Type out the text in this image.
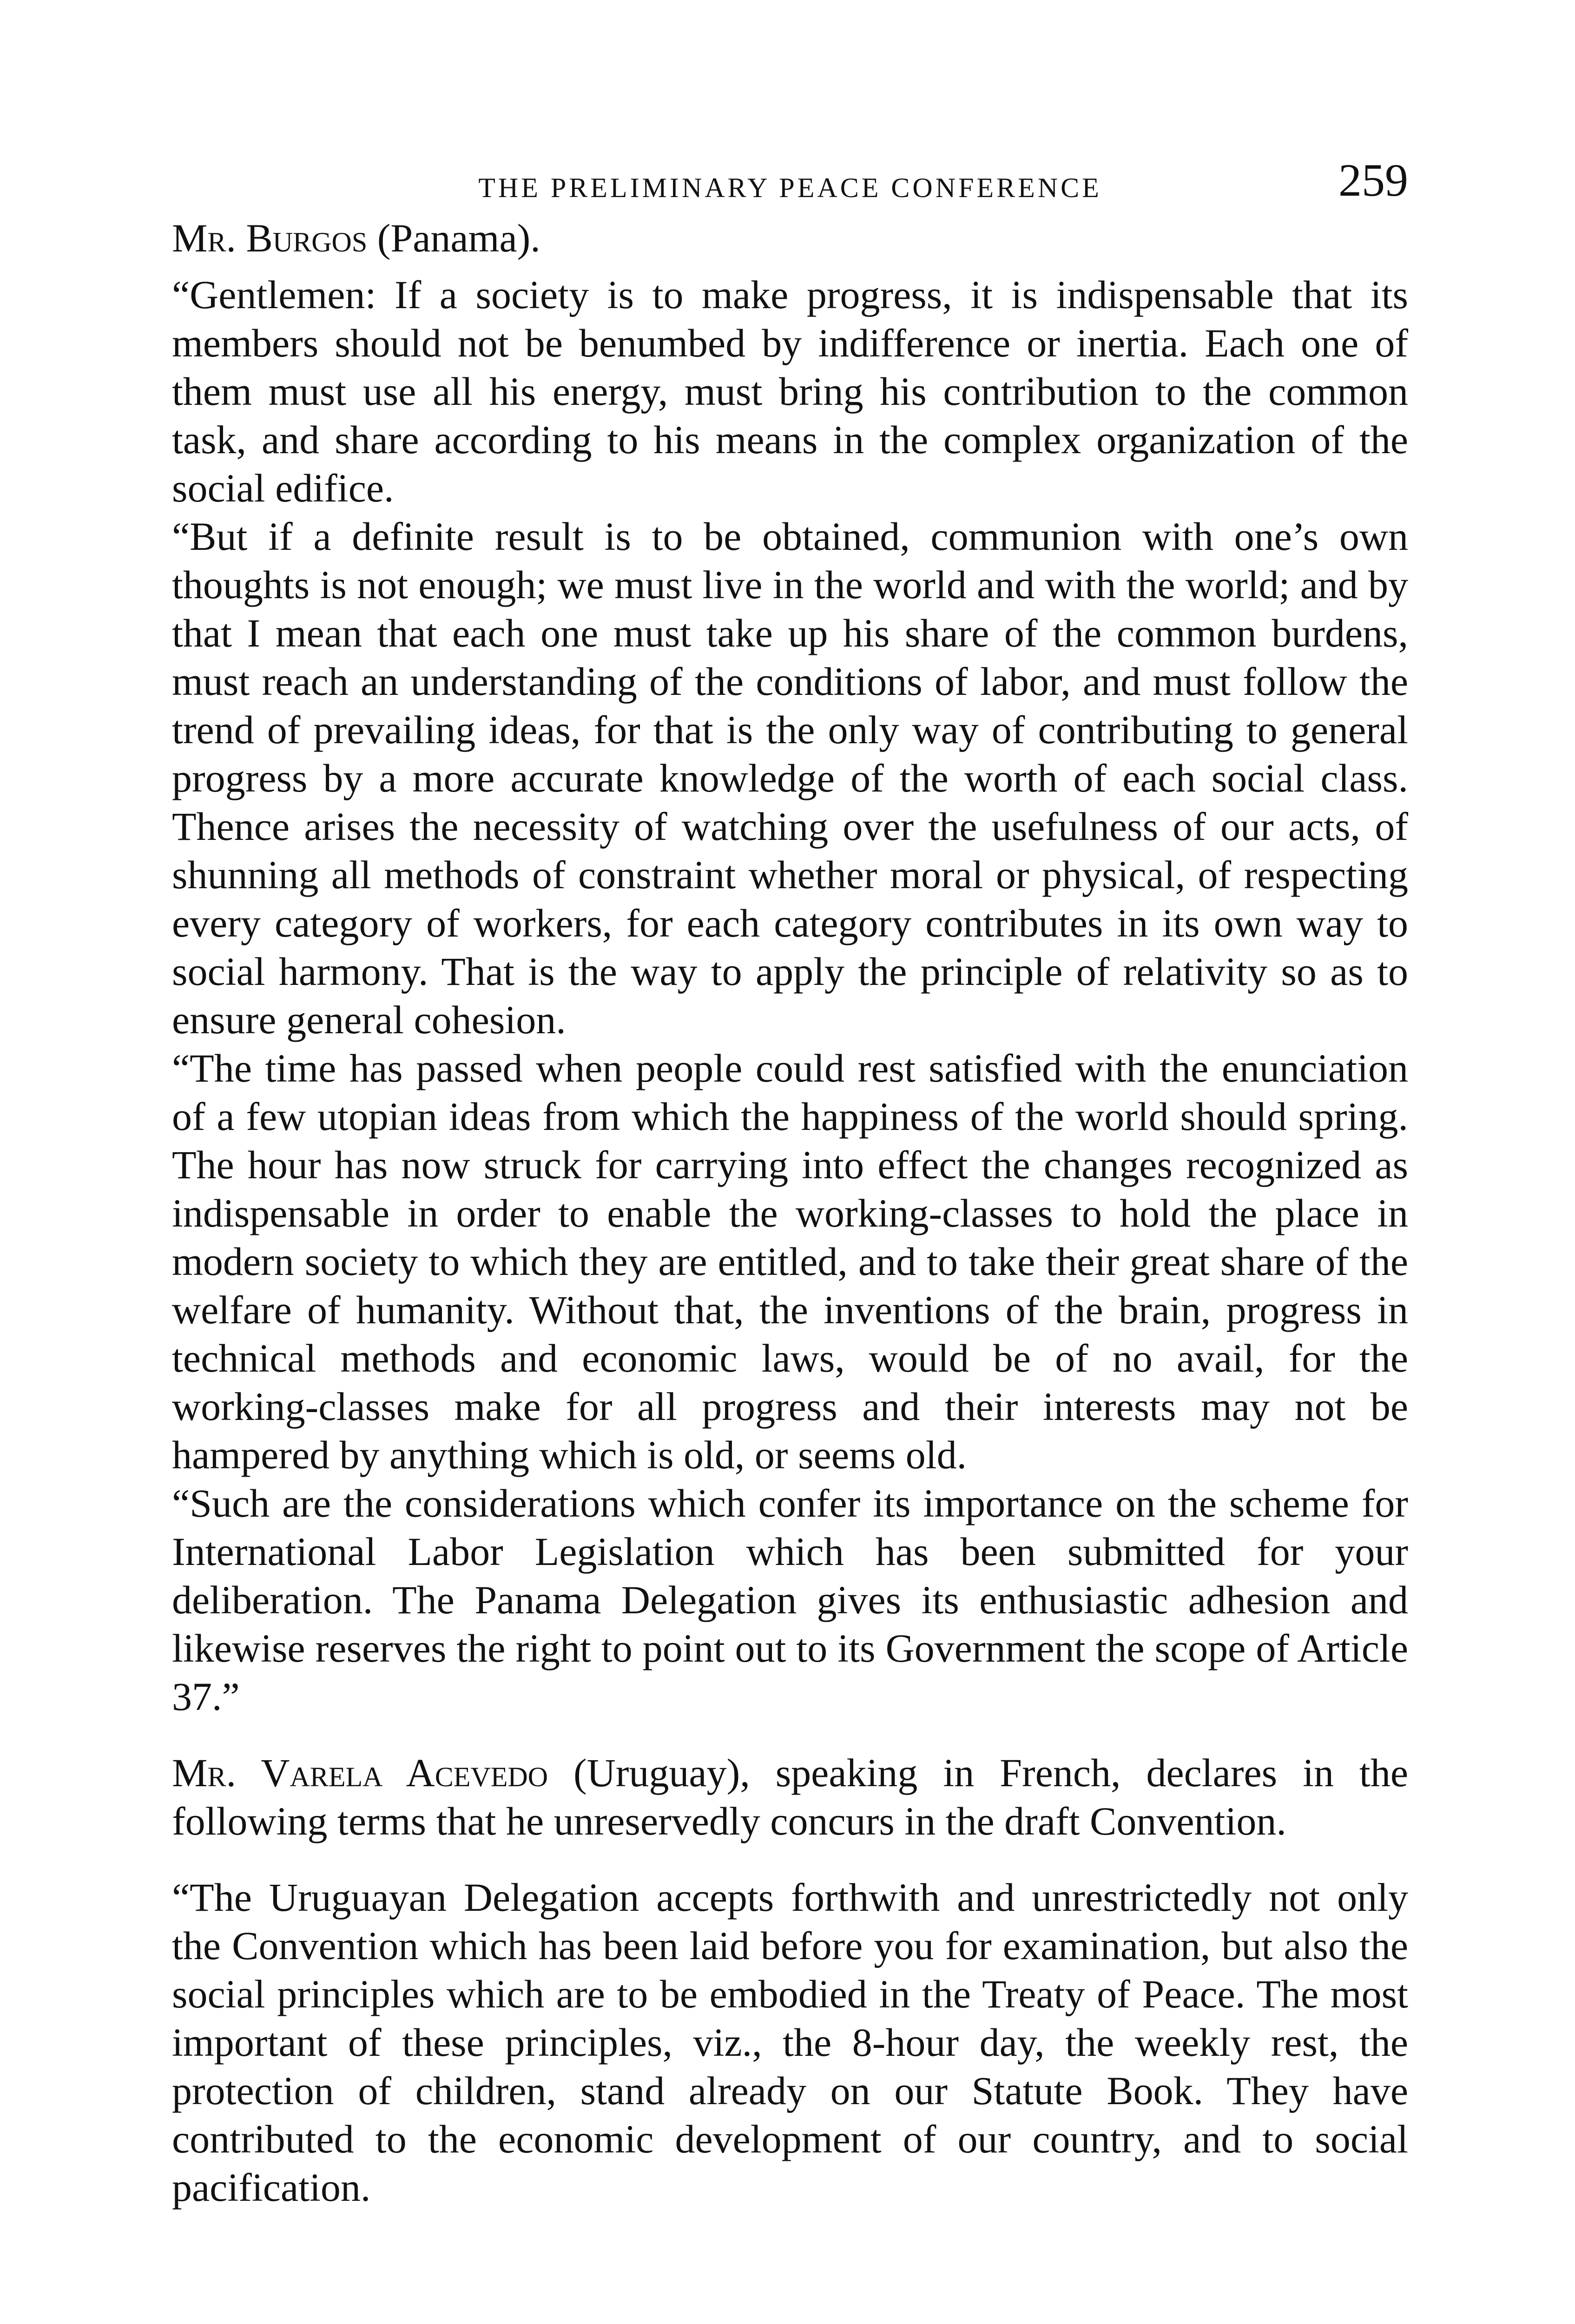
THE PRELIMINARY PEACE CONFERENCE	259

Mr. Burgos (Panama).

“Gentlemen: If a society is to make progress, it is indispensable that its members should not be benumbed by indifference or inertia. Each one of them must use all his energy, must bring his contribution to the common task, and share according to his means in the complex organization of the social edifice.

“But if a definite result is to be obtained, communion with one’s own thoughts is not enough; we must live in the world and with the world; and by that I mean that each one must take up his share of the common burdens, must reach an understanding of the conditions of labor, and must follow the trend of prevailing ideas, for that is the only way of contributing to general progress by a more accurate knowledge of the worth of each social class. Thence arises the necessity of watching over the usefulness of our acts, of shunning all methods of constraint whether moral or physical, of respecting every category of workers, for each category contributes in its own way to social harmony. That is the way to apply the principle of relativity so as to ensure general cohesion.

“The time has passed when people could rest satisfied with the enunciation of a few utopian ideas from which the happiness of the world should spring. The hour has now struck for carrying into effect the changes recognized as indispensable in order to enable the working-classes to hold the place in modern society to which they are entitled, and to take their great share of the welfare of humanity. Without that, the inventions of the brain, progress in technical methods and economic laws, would be of no avail, for the working-classes make for all progress and their interests may not be hampered by anything which is old, or seems old.

“Such are the considerations which confer its importance on the scheme for International Labor Legislation which has been submitted for your deliberation. The Panama Delegation gives its enthusiastic adhesion and likewise reserves the right to point out to its Government the scope of Article 37.”

Mr. Varela Acevedo (Uruguay), speaking in French, declares in the following terms that he unreservedly concurs in the draft Convention.

“The Uruguayan Delegation accepts forthwith and unrestrictedly not only the Convention which has been laid before you for examination, but also the social principles which are to be embodied in the Treaty of Peace. The most important of these principles, viz., the 8-hour day, the weekly rest, the protection of children, stand already on our Statute Book. They have contributed to the economic development of our country, and to social pacification.
